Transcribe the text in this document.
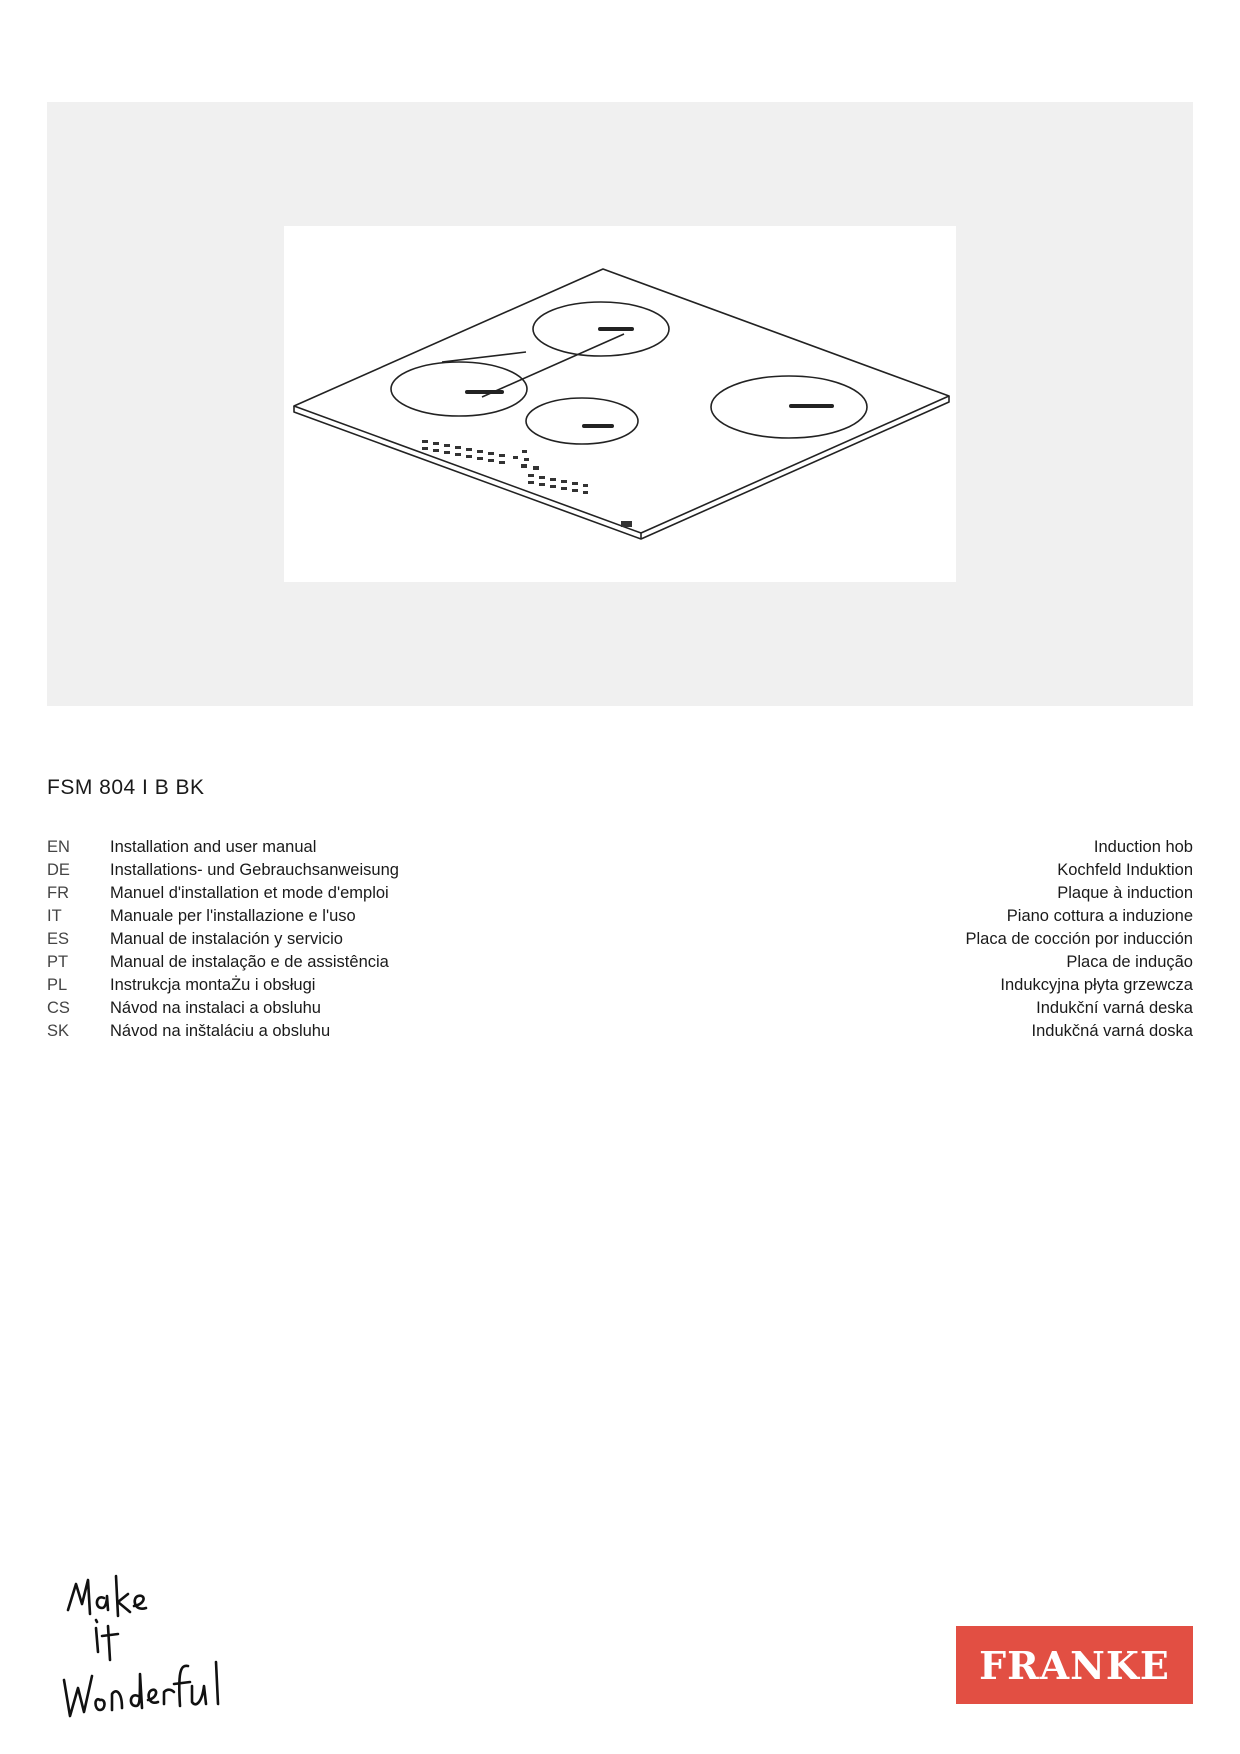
FSM 804 I B BK
EN Installation and user manual	Induction hob
DE Installations- und Gebrauchsanweisung	Kochfeld Induktion
FR Manuel d'installation et mode d'emploi	Plaque à induction
IT	Manuale per l'installazione e l'uso	Piano cottura a induzione
ES Manual de instalación y servicio	Placa de cocción por inducción
PT	Manual de instalação e de assistência	Placa de indução
PL	Instrukcja montaŻu i obsługi	Indukcyjna płyta grzewcza
CS Návod na instalaci a obsluhu	Indukční varná deska
SK Návod na inštaláciu a obsluhu	Indukčná varná doska
FRANKE
